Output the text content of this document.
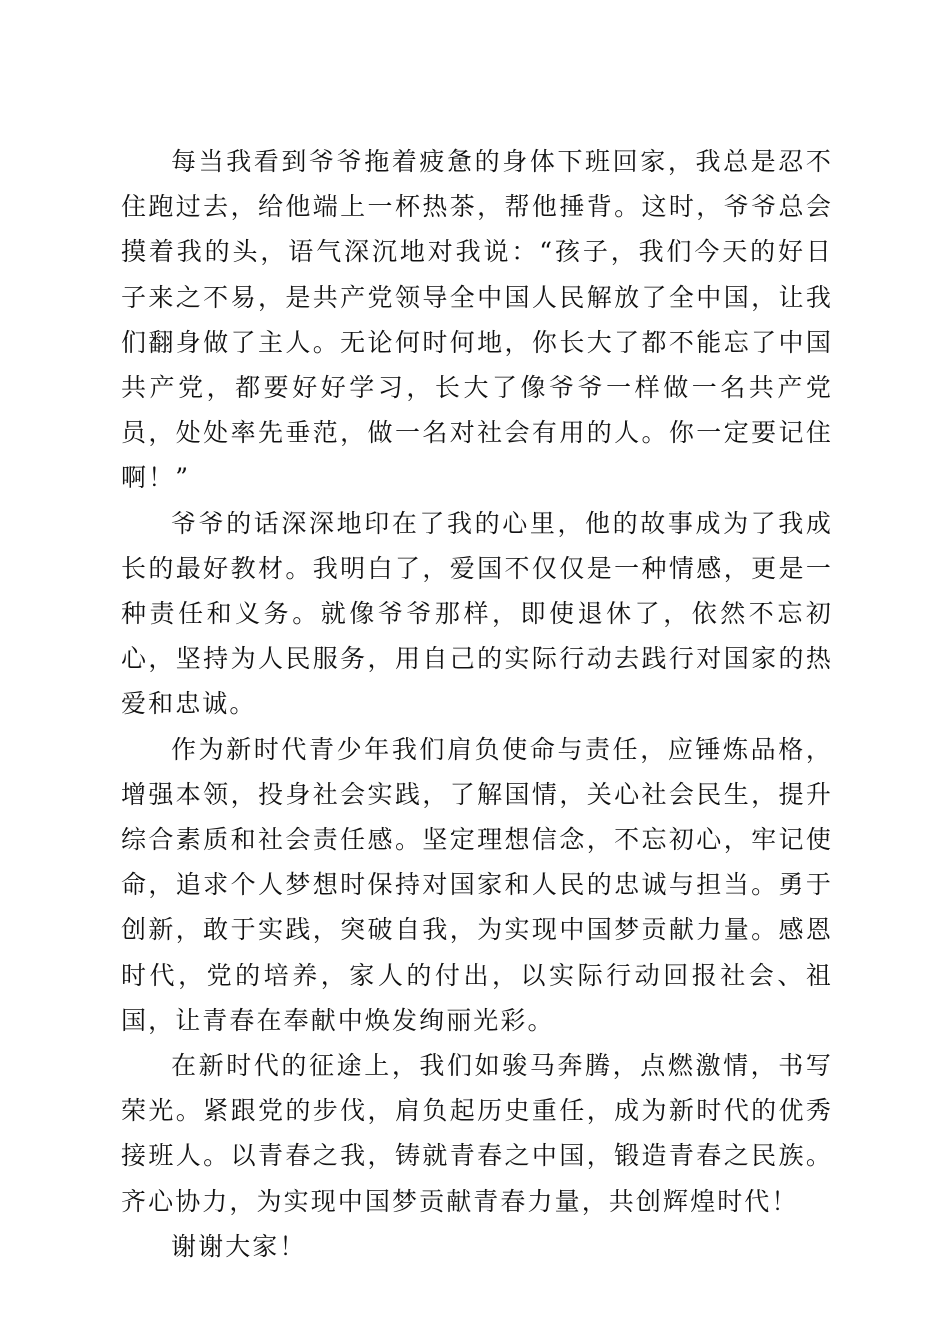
每当我看到爷爷拖着疲惫的身体下班回家，我总是忍不住跑过去，给他端上一杯热茶，帮他捶背。这时，爷爷总会摸着我的头，语气深沉地对我说：“孩子，我们今天的好日子来之不易，是共产党领导全中国人民解放了全中国，让我们翻身做了主人。无论何时何地，你长大了都不能忘了中国共产党，都要好好学习，长大了像爷爷一样做一名共产党员，处处率先垂范，做一名对社会有用的人。你一定要记住啊！”

爷爷的话深深地印在了我的心里，他的故事成为了我成长的最好教材。我明白了，爱国不仅仅是一种情感，更是一种责任和义务。就像爷爷那样，即使退休了，依然不忘初心，坚持为人民服务，用自己的实际行动去践行对国家的热爱和忠诚。

作为新时代青少年我们肩负使命与责任，应锤炼品格，增强本领，投身社会实践，了解国情，关心社会民生，提升综合素质和社会责任感。坚定理想信念，不忘初心，牢记使命，追求个人梦想时保持对国家和人民的忠诚与担当。勇于创新，敢于实践，突破自我，为实现中国梦贡献力量。感恩时代，党的培养，家人的付出，以实际行动回报社会、祖国，让青春在奉献中焕发绚丽光彩。

在新时代的征途上，我们如骏马奔腾，点燃激情，书写荣光。紧跟党的步伐，肩负起历史重任，成为新时代的优秀接班人。以青春之我，铸就青春之中国，锻造青春之民族。齐心协力，为实现中国梦贡献青春力量，共创辉煌时代！

谢谢大家！
